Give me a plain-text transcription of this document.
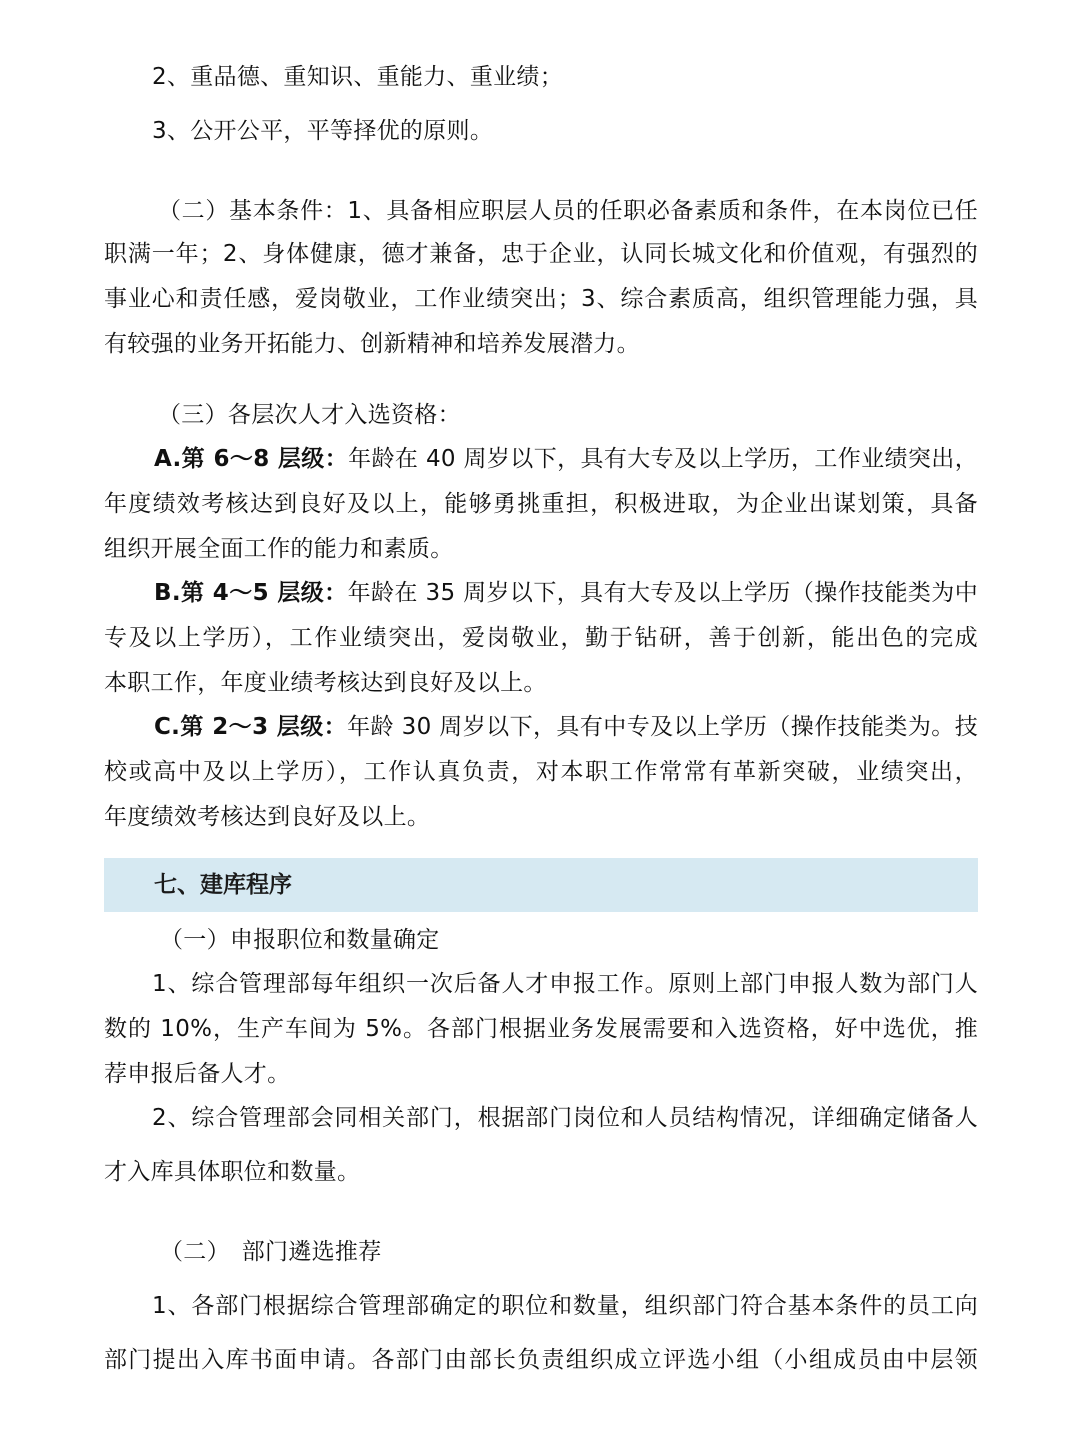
2、重品德、重知识、重能力、重业绩；
3、公开公平，平等择优的原则。
（二）基本条件：1、具备相应职层人员的任职必备素质和条件，在本岗位已任
职满一年；2、身体健康，德才兼备，忠于企业，认同长城文化和价值观，有强烈的
事业心和责任感，爱岗敬业，工作业绩突出；3、综合素质高，组织管理能力强，具
有较强的业务开拓能力、创新精神和培养发展潜力。
（三）各层次人才入选资格：
A.第 6～8 层级：年龄在 40 周岁以下，具有大专及以上学历，工作业绩突出，
年度绩效考核达到良好及以上，能够勇挑重担，积极进取，为企业出谋划策，具备
组织开展全面工作的能力和素质。
B.第 4～5 层级：年龄在 35 周岁以下，具有大专及以上学历（操作技能类为中
专及以上学历），工作业绩突出，爱岗敬业，勤于钻研，善于创新，能出色的完成
本职工作，年度业绩考核达到良好及以上。
C.第 2～3 层级：年龄 30 周岁以下，具有中专及以上学历（操作技能类为。技
校或高中及以上学历），工作认真负责，对本职工作常常有革新突破，业绩突出，
年度绩效考核达到良好及以上。
七、建库程序
（一）申报职位和数量确定
1、综合管理部每年组织一次后备人才申报工作。原则上部门申报人数为部门人
数的 10%，生产车间为 5%。各部门根据业务发展需要和入选资格，好中选优，推
荐申报后备人才。
2、综合管理部会同相关部门，根据部门岗位和人员结构情况，详细确定储备人
才入库具体职位和数量。
（二）　部门遴选推荐
1、各部门根据综合管理部确定的职位和数量，组织部门符合基本条件的员工向
部门提出入库书面申请。各部门由部长负责组织成立评选小组（小组成员由中层领
